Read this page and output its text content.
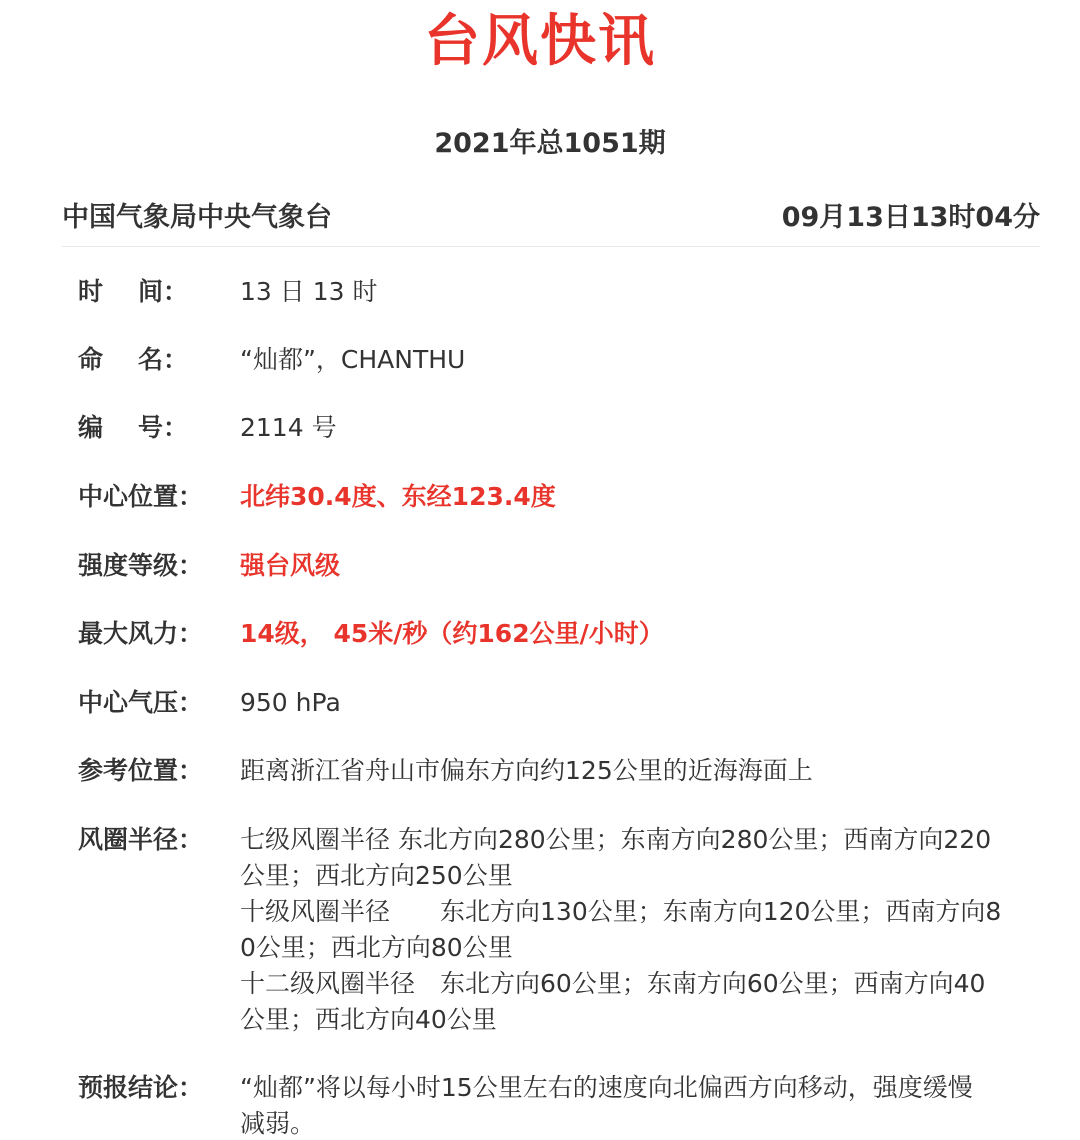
台风快讯
2021年总1051期
中国气象局中央气象台	09月13日13时04分
时 间：	13 日 13 时
命 名：	“灿都”，CHANTHU
编 号：	2114 号
中心位置：	北纬30.4度、东经123.4度
强度等级：	强台风级
最大风力：	14级， 45米/秒（约162公里/小时）
中心气压：	950 hPa
参考位置：	距离浙江省舟山市偏东方向约125公里的近海海面上
风圈半径：	七级风圈半径 东北方向280公里；东南方向280公里；西南方向220
公里；西北方向250公里
十级风圈半径　　东北方向130公里；东南方向120公里；西南方向8
0公里；西北方向80公里
十二级风圈半径　东北方向60公里；东南方向60公里；西南方向40
公里；西北方向40公里
预报结论：	“灿都”将以每小时15公里左右的速度向北偏西方向移动，强度缓慢
减弱。
